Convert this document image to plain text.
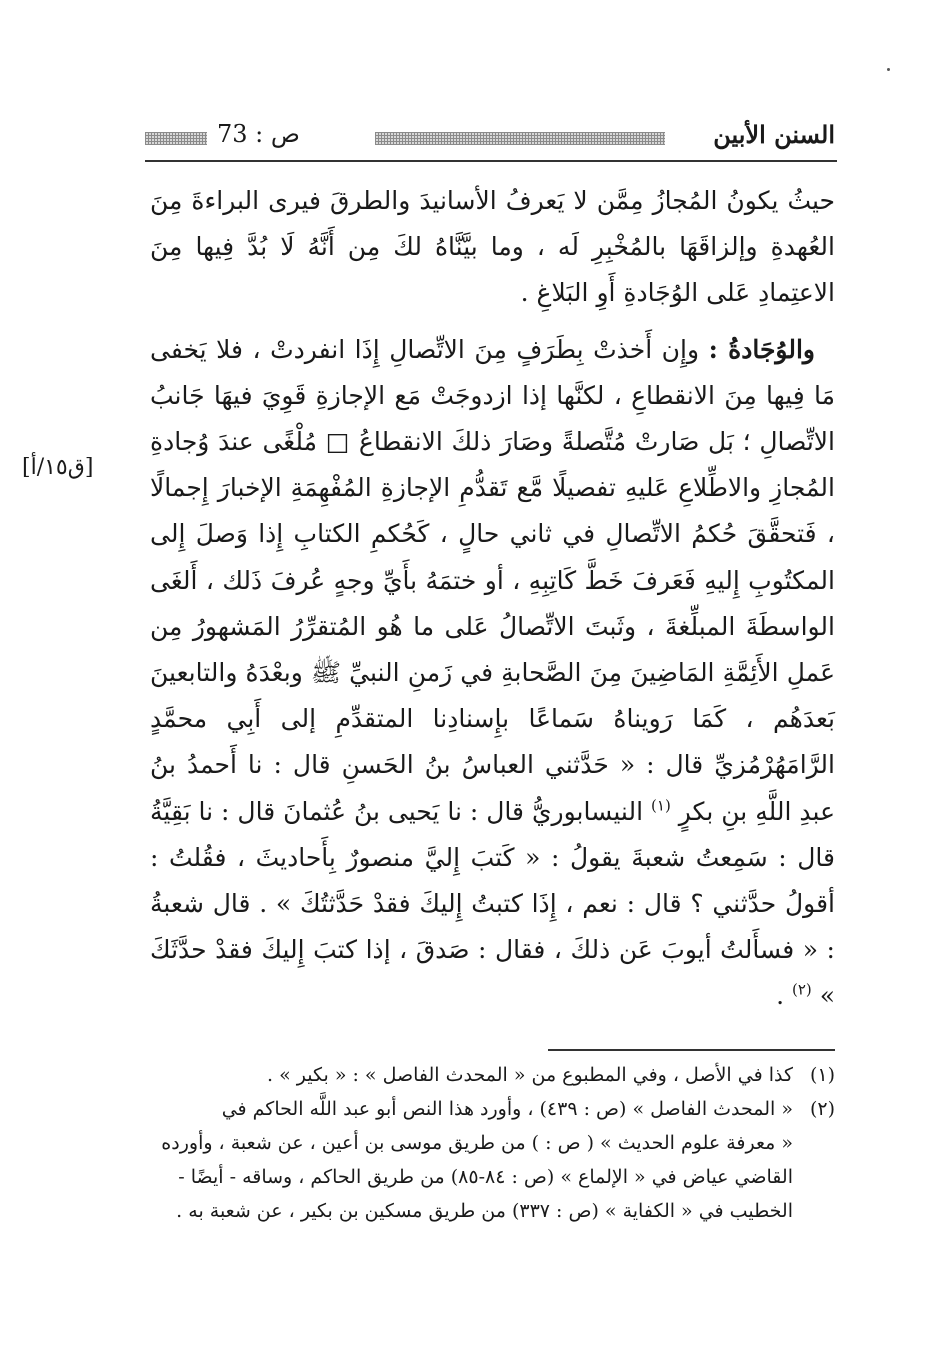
السنن الأبين
ص : 73

حيثُ يكونُ المُجازُ مِمَّن لا يَعرفُ الأسانيدَ والطرقَ فيرى البراءةَ مِنَ العُهدةِ وإلزاقَهَا بالمُخْبِرِ لَه ، وما بيَّنَّاهُ لكَ مِن أَنَّهُ لَا بُدَّ فِيها مِنَ الاعتِمادِ عَلى الوُجَادةِ أَوِ البَلاغِ .

والوُجَادةُ : وإِن أَخذتْ بِطَرَفٍ مِنَ الاتِّصالِ إِذَا انفردتْ ، فلا يَخفى مَا فِيها مِنَ الانقطاعِ ، لكنَّها إذا ازدوجَتْ مَع الإجازةِ قَوِيَ فيهَا جَانبُ الاتِّصالِ ؛ بَل صَارتْ مُتَّصلةً وصَارَ ذلكَ الانقطاعُ □ مُلْغًى عندَ وُجادةِ المُجازِ والاطِّلاعِ عَليهِ تفصيلًا مَّع تَقدُّمِ الإجازةِ المُفْهِمَةِ الإخبارَ إِجمالًا ، فَتحقَّقَ حُكمُ الاتِّصالِ في ثاني حالٍ ، كَحُكمِ الكتابِ إِذا وَصلَ إِلى المكتُوبِ إِليهِ فَعَرفَ خَطَّ كَاتِبِهِ ، أو ختمَهُ بأَيِّ وجهٍ عُرفَ ذَلك ، أَلغَى الواسطَةَ المبلِّغةَ ، وثَبتَ الاتِّصالُ عَلى ما هُو المُتقرِّرُ المَشهورُ مِن عَملِ الأَئِمَّةِ المَاضِينَ مِنَ الصَّحابةِ في زَمنِ النبيِّ ﷺ وبعْدَهُ والتابعينَ بَعدَهُم ، كَمَا رَويناهُ سَماعًا بإِسنادِنا المتقدِّمِ إلى أَبِي محمَّدٍ الرَّامَهُرْمُزيِّ قال : « حَدَّثني العباسُ بنُ الحَسنِ قال : نا أَحمدُ بنُ عبدِ اللَّهِ بنِ بكرٍ $^{(١)}$ النيسابوريُّ قال : نا يَحيى بنُ عُثمانَ قال : نا بَقِيَّةُ قال : سَمِعتُ شعبةَ يقولُ : « كَتبَ إِليَّ منصورٌ بِأَحاديثَ ، فقُلتُ : أقولُ حدَّثني ؟ قال : نعم ، إِذَا كتبتُ إِليكَ فقدْ حَدَّثتُكَ » . قال شعبةُ : « فسأَلتُ أيوبَ عَن ذلكَ ، فقال : صَدقَ ، إذا كتبَ إِليكَ فقدْ حدَّثَكَ » $^{(٢)}$ .

[ق١٥/أ]
(١)
كذا في الأصل ، وفي المطبوع من « المحدث الفاصل » : « بكير » .
(٢)
« المحدث الفاصل » (ص : ٤٣٩) ، وأورد هذا النص أبو عبد اللَّه الحاكم في
« معرفة علوم الحديث » ( ص : ) من طريق موسى بن أعين ، عن شعبة ، وأورده
القاضي عياض في « الإلماع » (ص : ٨٤-٨٥) من طريق الحاكم ، وساقه - أيضًا -
الخطيب في « الكفاية » (ص : ٣٣٧) من طريق مسكين بن بكير ، عن شعبة به .
